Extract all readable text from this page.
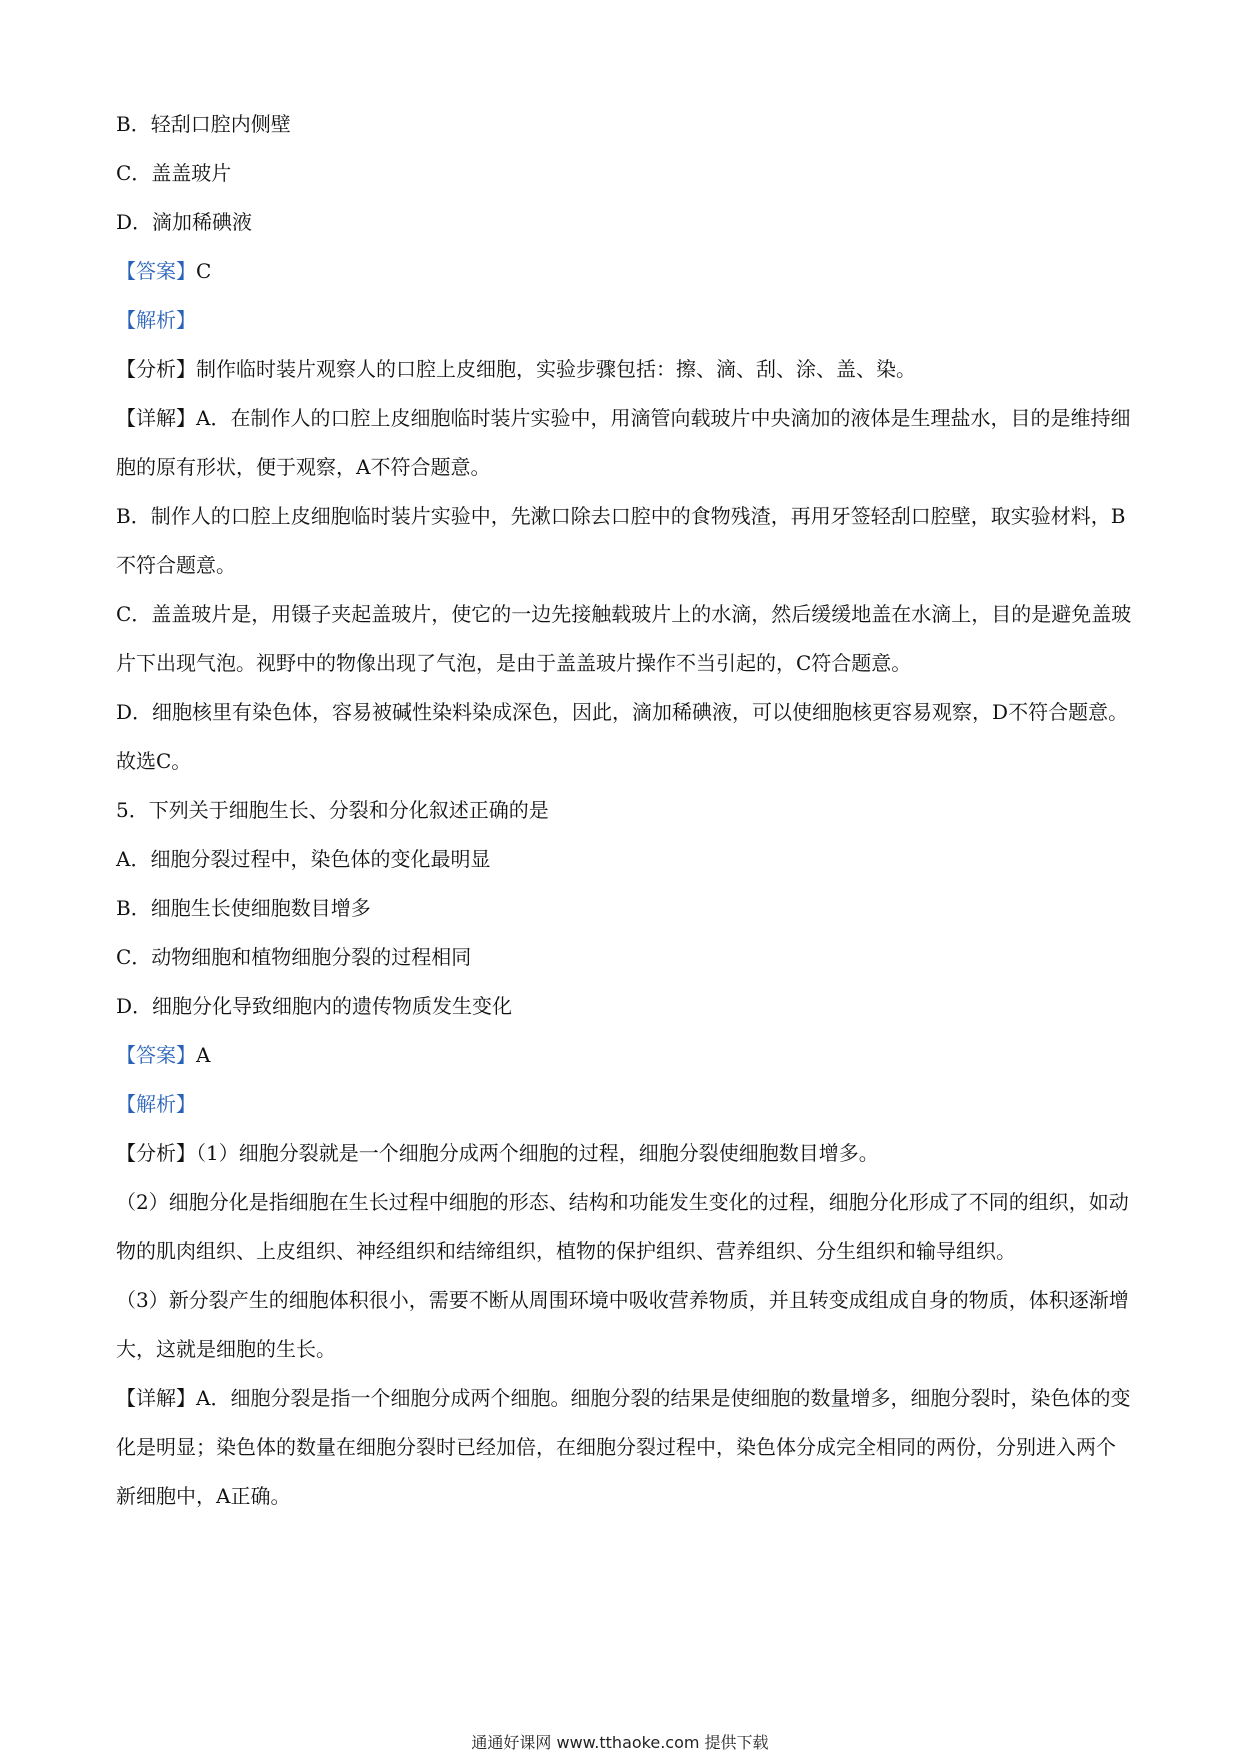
B．轻刮口腔内侧壁
C．盖盖玻片
D．滴加稀碘液
【答案】C
【解析】
【分析】制作临时装片观察人的口腔上皮细胞，实验步骤包括：擦、滴、刮、涂、盖、染。
【详解】A．在制作人的口腔上皮细胞临时装片实验中，用滴管向载玻片中央滴加的液体是生理盐水，目的是维持细胞的原有形状，便于观察，A不符合题意。
B．制作人的口腔上皮细胞临时装片实验中，先漱口除去口腔中的食物残渣，再用牙签轻刮口腔壁，取实验材料，B不符合题意。
C．盖盖玻片是，用镊子夹起盖玻片，使它的一边先接触载玻片上的水滴，然后缓缓地盖在水滴上，目的是避免盖玻片下出现气泡。视野中的物像出现了气泡，是由于盖盖玻片操作不当引起的，C符合题意。
D．细胞核里有染色体，容易被碱性染料染成深色，因此，滴加稀碘液，可以使细胞核更容易观察，D不符合题意。
故选C。
5．下列关于细胞生长、分裂和分化叙述正确的是
A．细胞分裂过程中，染色体的变化最明显
B．细胞生长使细胞数目增多
C．动物细胞和植物细胞分裂的过程相同
D．细胞分化导致细胞内的遗传物质发生变化
【答案】A
【解析】
【分析】（1）细胞分裂就是一个细胞分成两个细胞的过程，细胞分裂使细胞数目增多。
（2）细胞分化是指细胞在生长过程中细胞的形态、结构和功能发生变化的过程，细胞分化形成了不同的组织，如动物的肌肉组织、上皮组织、神经组织和结缔组织，植物的保护组织、营养组织、分生组织和输导组织。
（3）新分裂产生的细胞体积很小，需要不断从周围环境中吸收营养物质，并且转变成组成自身的物质，体积逐渐增大，这就是细胞的生长。
【详解】A．细胞分裂是指一个细胞分成两个细胞。细胞分裂的结果是使细胞的数量增多，细胞分裂时，染色体的变化是明显；染色体的数量在细胞分裂时已经加倍，在细胞分裂过程中，染色体分成完全相同的两份，分别进入两个新细胞中，A正确。
通通好课网 www.tthaoke.com 提供下载
